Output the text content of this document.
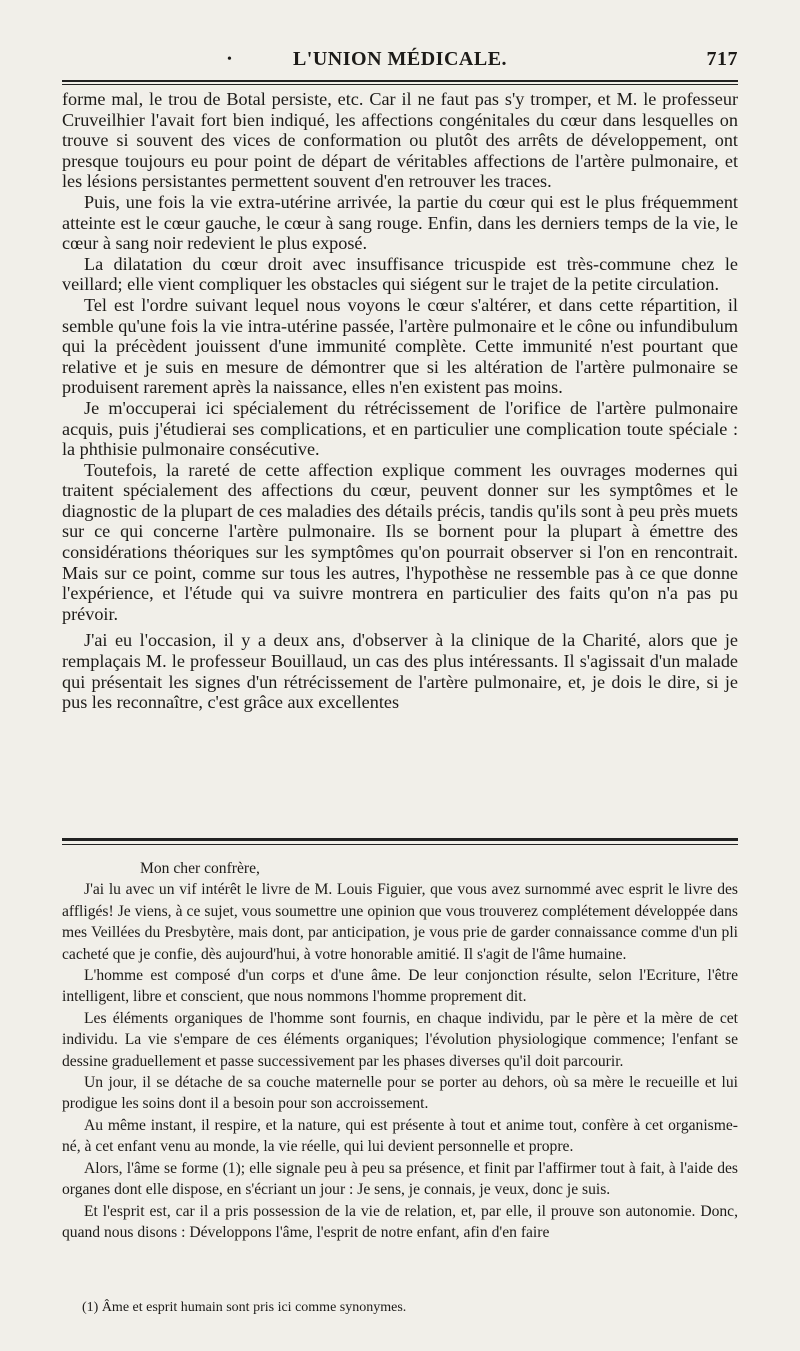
•	L'UNION MÉDICALE.	717

forme mal, le trou de Botal persiste, etc. Car il ne faut pas s'y tromper, et M. le professeur Cruveilhier l'avait fort bien indiqué, les affections congénitales du cœur dans lesquelles on trouve si souvent des vices de conformation ou plutôt des arrêts de développement, ont presque toujours eu pour point de départ de véritables affections de l'artère pulmonaire, et les lésions persistantes permettent souvent d'en retrouver les traces.

Puis, une fois la vie extra-utérine arrivée, la partie du cœur qui est le plus fréquemment atteinte est le cœur gauche, le cœur à sang rouge. Enfin, dans les derniers temps de la vie, le cœur à sang noir redevient le plus exposé.

La dilatation du cœur droit avec insuffisance tricuspide est très-commune chez le veillard; elle vient compliquer les obstacles qui siégent sur le trajet de la petite circulation.

Tel est l'ordre suivant lequel nous voyons le cœur s'altérer, et dans cette répartition, il semble qu'une fois la vie intra-utérine passée, l'artère pulmonaire et le cône ou infundibulum qui la précèdent jouissent d'une immunité complète. Cette immunité n'est pourtant que relative et je suis en mesure de démontrer que si les altération de l'artère pulmonaire se produisent rarement après la naissance, elles n'en existent pas moins.

Je m'occuperai ici spécialement du rétrécissement de l'orifice de l'artère pulmonaire acquis, puis j'étudierai ses complications, et en particulier une complication toute spéciale : la phthisie pulmonaire consécutive.

Toutefois, la rareté de cette affection explique comment les ouvrages modernes qui traitent spécialement des affections du cœur, peuvent donner sur les symptômes et le diagnostic de la plupart de ces maladies des détails précis, tandis qu'ils sont à peu près muets sur ce qui concerne l'artère pulmonaire. Ils se bornent pour la plupart à émettre des considérations théoriques sur les symptômes qu'on pourrait observer si l'on en rencontrait. Mais sur ce point, comme sur tous les autres, l'hypothèse ne ressemble pas à ce que donne l'expérience, et l'étude qui va suivre montrera en particulier des faits qu'on n'a pas pu prévoir.

J'ai eu l'occasion, il y a deux ans, d'observer à la clinique de la Charité, alors que je remplaçais M. le professeur Bouillaud, un cas des plus intéressants. Il s'agissait d'un malade qui présentait les signes d'un rétrécissement de l'artère pulmonaire, et, je dois le dire, si je pus les reconnaître, c'est grâce aux excellentes

Mon cher confrère,

J'ai lu avec un vif intérêt le livre de M. Louis Figuier, que vous avez surnommé avec esprit le livre des affligés! Je viens, à ce sujet, vous soumettre une opinion que vous trouverez complétement développée dans mes Veillées du Presbytère, mais dont, par anticipation, je vous prie de garder connaissance comme d'un pli cacheté que je confie, dès aujourd'hui, à votre honorable amitié. Il s'agit de l'âme humaine.

L'homme est composé d'un corps et d'une âme. De leur conjonction résulte, selon l'Ecriture, l'être intelligent, libre et conscient, que nous nommons l'homme proprement dit.

Les éléments organiques de l'homme sont fournis, en chaque individu, par le père et la mère de cet individu. La vie s'empare de ces éléments organiques; l'évolution physiologique commence; l'enfant se dessine graduellement et passe successivement par les phases diverses qu'il doit parcourir.

Un jour, il se détache de sa couche maternelle pour se porter au dehors, où sa mère le recueille et lui prodigue les soins dont il a besoin pour son accroissement.

Au même instant, il respire, et la nature, qui est présente à tout et anime tout, confère à cet organisme-né, à cet enfant venu au monde, la vie réelle, qui lui devient personnelle et propre.

Alors, l'âme se forme (1); elle signale peu à peu sa présence, et finit par l'affirmer tout à fait, à l'aide des organes dont elle dispose, en s'écriant un jour : Je sens, je connais, je veux, donc je suis.

Et l'esprit est, car il a pris possession de la vie de relation, et, par elle, il prouve son autonomie. Donc, quand nous disons : Développons l'âme, l'esprit de notre enfant, afin d'en faire

(1) Âme et esprit humain sont pris ici comme synonymes.
